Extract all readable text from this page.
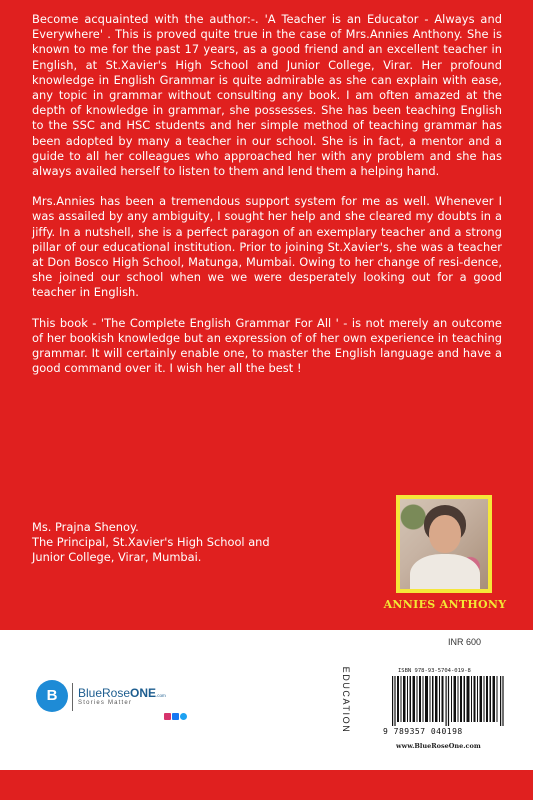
Become acquainted with the author:-. 'A Teacher is an Educator - Always and Everywhere' . This is proved quite true in the case of Mrs.Annies Anthony. She is known to me for the past 17 years, as a good friend and an excellent teacher in English, at St.Xavier's High School and Junior College, Virar. Her profound knowledge in English Grammar is quite admirable as she can explain with ease, any topic in grammar without consulting any book. I am often amazed at the depth of knowledge in grammar, she possesses. She has been teaching English to the SSC and HSC students and her simple method of teaching grammar has been adopted by many a teacher in our school. She is in fact, a mentor and a guide to all her colleagues who approached her with any problem and she has always availed herself to listen to them and lend them a helping hand.

Mrs.Annies has been a tremendous support system for me as well. Whenever I was assailed by any ambiguity, I sought her help and she cleared my doubts in a jiffy. In a nutshell, she is a perfect paragon of an exemplary teacher and a strong pillar of our educational institution. Prior to joining St.Xavier's, she was a teacher at Don Bosco High School, Matunga, Mumbai. Owing to her change of resi-dence, she joined our school when we we were desperately looking out for a good teacher in English.

This book - 'The Complete English Grammar For All ' - is not merely an outcome of her bookish knowledge but an expression of of her own experience in teaching grammar. It will certainly enable one, to master the English language and have a good command over it. I wish her all the best !

Ms. Prajna Shenoy.
The Principal, St.Xavier's High School and
Junior College, Virar, Mumbai.
ANNIES ANTHONY
INR 600
EDUCATION	ISBN 978-93-5704-019-8
9 789357 040198
www.BlueRoseOne.com
B	BlueRoseONE.com
Stories Matter
